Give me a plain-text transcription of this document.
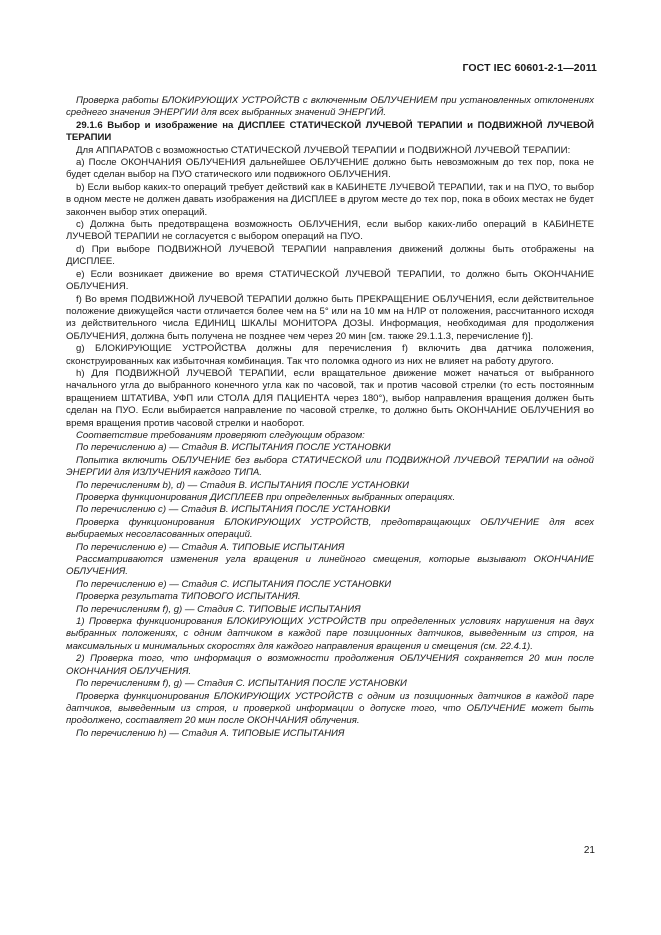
ГОСТ IEC 60601-2-1—2011

Проверка работы БЛОКИРУЮЩИХ УСТРОЙСТВ с включенным ОБЛУЧЕНИЕМ при установленных отклонениях среднего значения ЭНЕРГИИ для всех выбранных значений ЭНЕРГИЙ.

29.1.6 Выбор и изображение на ДИСПЛЕЕ СТАТИЧЕСКОЙ ЛУЧЕВОЙ ТЕРАПИИ и ПОДВИЖНОЙ ЛУЧЕВОЙ ТЕРАПИИ

Для АППАРАТОВ с возможностью СТАТИЧЕСКОЙ ЛУЧЕВОЙ ТЕРАПИИ и ПОДВИЖНОЙ ЛУЧЕВОЙ ТЕРАПИИ:

a) После ОКОНЧАНИЯ ОБЛУЧЕНИЯ дальнейшее ОБЛУЧЕНИЕ должно быть невозможным до тех пор, пока не будет сделан выбор на ПУО статического или подвижного ОБЛУЧЕНИЯ.

b) Если выбор каких-то операций требует действий как в КАБИНЕТЕ ЛУЧЕВОЙ ТЕРАПИИ, так и на ПУО, то выбор в одном месте не должен давать изображения на ДИСПЛЕЕ в другом месте до тех пор, пока в обоих местах не будет закончен выбор этих операций.

c) Должна быть предотвращена возможность ОБЛУЧЕНИЯ, если выбор каких-либо операций в КАБИНЕТЕ ЛУЧЕВОЙ ТЕРАПИИ не согласуется с выбором операций на ПУО.

d) При выборе ПОДВИЖНОЙ ЛУЧЕВОЙ ТЕРАПИИ направления движений должны быть отображены на ДИСПЛЕЕ.

e) Если возникает движение во время СТАТИЧЕСКОЙ ЛУЧЕВОЙ ТЕРАПИИ, то должно быть ОКОНЧАНИЕ ОБЛУЧЕНИЯ.

f) Во время ПОДВИЖНОЙ ЛУЧЕВОЙ ТЕРАПИИ должно быть ПРЕКРАЩЕНИЕ ОБЛУЧЕНИЯ, если действительное положение движущейся части отличается более чем на 5° или на 10 мм на НЛР от положения, рассчитанного исходя из действительного числа ЕДИНИЦ ШКАЛЫ МОНИТОРА ДОЗЫ. Информация, необходимая для продолжения ОБЛУЧЕНИЯ, должна быть получена не позднее чем через 20 мин [см. также 29.1.1.3, перечисление f)].

g) БЛОКИРУЮЩИЕ УСТРОЙСТВА должны для перечисления f) включить два датчика положения, сконструированных как избыточная комбинация. Так что поломка одного из них не влияет на работу другого.

h) Для ПОДВИЖНОЙ ЛУЧЕВОЙ ТЕРАПИИ, если вращательное движение может начаться от выбранного начального угла до выбранного конечного угла как по часовой, так и против часовой стрелки (то есть постоянным вращением ШТАТИВА, УФП или СТОЛА ДЛЯ ПАЦИЕНТА через 180°), выбор направления вращения должен быть сделан на ПУО. Если выбирается направление по часовой стрелке, то должно быть ОКОНЧАНИЕ ОБЛУЧЕНИЯ во время вращения против часовой стрелки и наоборот.

Соответствие требованиям проверяют следующим образом:

По перечислению a) — Стадия В. ИСПЫТАНИЯ ПОСЛЕ УСТАНОВКИ

Попытка включить ОБЛУЧЕНИЕ без выбора СТАТИЧЕСКОЙ или ПОДВИЖНОЙ ЛУЧЕВОЙ ТЕРАПИИ на одной ЭНЕРГИИ для ИЗЛУЧЕНИЯ каждого ТИПА.

По перечислениям b), d) — Стадия В. ИСПЫТАНИЯ ПОСЛЕ УСТАНОВКИ

Проверка функционирования ДИСПЛЕЕВ при определенных выбранных операциях.

По перечислению c) — Стадия В. ИСПЫТАНИЯ ПОСЛЕ УСТАНОВКИ

Проверка функционирования БЛОКИРУЮЩИХ УСТРОЙСТВ, предотвращающих ОБЛУЧЕНИЕ для всех выбираемых несогласованных операций.

По перечислению e) — Стадия А. ТИПОВЫЕ ИСПЫТАНИЯ

Рассматриваются изменения угла вращения и линейного смещения, которые вызывают ОКОНЧАНИЕ ОБЛУЧЕНИЯ.

По перечислению e) — Стадия С. ИСПЫТАНИЯ ПОСЛЕ УСТАНОВКИ

Проверка результата ТИПОВОГО ИСПЫТАНИЯ.

По перечислениям f), g) — Стадия С. ТИПОВЫЕ ИСПЫТАНИЯ

1) Проверка функционирования БЛОКИРУЮЩИХ УСТРОЙСТВ при определенных условиях нарушения на двух выбранных положениях, с одним датчиком в каждой паре позиционных датчиков, выведенным из строя, на максимальных и минимальных скоростях для каждого направления вращения и смещения (см. 22.4.1).

2) Проверка того, что информация о возможности продолжения ОБЛУЧЕНИЯ сохраняется 20 мин после ОКОНЧАНИЯ ОБЛУЧЕНИЯ.

По перечислениям f), g) — Стадия С. ИСПЫТАНИЯ ПОСЛЕ УСТАНОВКИ

Проверка функционирования БЛОКИРУЮЩИХ УСТРОЙСТВ с одним из позиционных датчиков в каждой паре датчиков, выведенным из строя, и проверкой информации о допуске того, что ОБЛУЧЕНИЕ может быть продолжено, составляет 20 мин после ОКОНЧАНИЯ облучения.

По перечислению h) — Стадия А. ТИПОВЫЕ ИСПЫТАНИЯ

21
